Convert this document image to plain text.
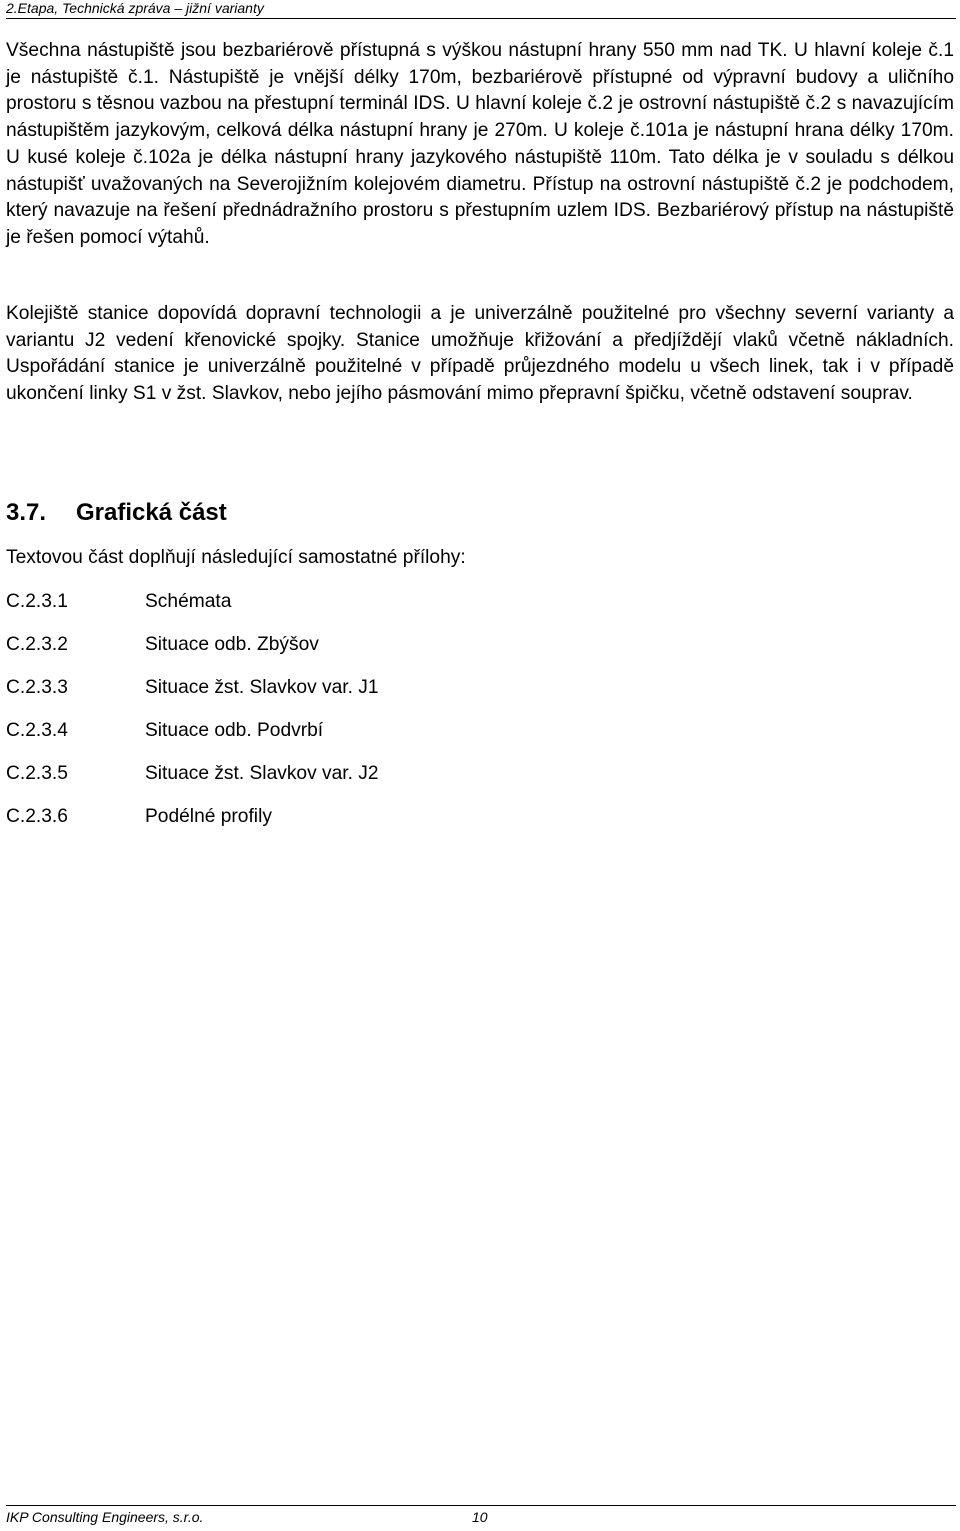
2.Etapa, Technická zpráva – jižní varianty

Všechna nástupiště jsou bezbariérově přístupná s výškou nástupní hrany 550 mm nad TK. U hlavní koleje č.1 je nástupiště č.1. Nástupiště je vnější délky 170m, bezbariérově přístupné od výpravní budovy a uličního prostoru s těsnou vazbou na přestupní terminál IDS. U hlavní koleje č.2 je ostrovní nástupiště č.2 s navazujícím nástupištěm jazykovým, celková délka nástupní hrany je 270m. U koleje č.101a je nástupní hrana délky 170m. U kusé koleje č.102a je délka nástupní hrany jazykového nástupiště 110m. Tato délka je v souladu s délkou nástupišť uvažovaných na Severojižním kolejovém diametru. Přístup na ostrovní nástupiště č.2 je podchodem, který navazuje na řešení přednádražního prostoru s přestupním uzlem IDS. Bezbariérový přístup na nástupiště je řešen pomocí výtahů.

Kolejiště stanice dopovídá dopravní technologii a je univerzálně použitelné pro všechny severní varianty a variantu J2 vedení křenovické spojky. Stanice umožňuje křižování a předjíždějí vlaků včetně nákladních. Uspořádání stanice je univerzálně použitelné v případě průjezdného modelu u všech linek, tak i v případě ukončení linky S1 v žst. Slavkov, nebo jejího pásmování mimo přepravní špičku, včetně odstavení souprav.

3.7. Grafická část

Textovou část doplňují následující samostatné přílohy:

C.2.3.1	Schémata
C.2.3.2	Situace odb. Zbýšov
C.2.3.3	Situace žst. Slavkov var. J1
C.2.3.4	Situace odb. Podvrbí
C.2.3.5	Situace žst. Slavkov var. J2
C.2.3.6	Podélné profily
IKP Consulting Engineers, s.r.o.	10
